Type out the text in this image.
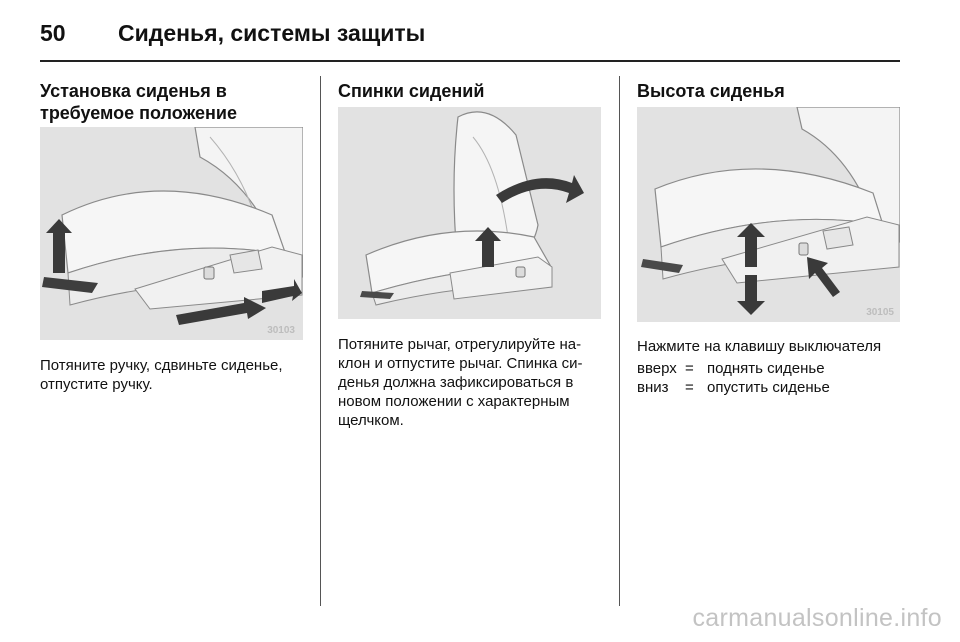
50 Сиденья, системы защиты
Установка сиденья в
требуемое положение
30103
Потяните ручку, сдвиньте сиденье,
отпустите ручку.
Спинки сидений
Потяните рычаг, отрегулируйте на-
клон и отпустите рычаг. Спинка си-
денья должна зафиксироваться в
новом положении с характерным
щелчком.
Высота сиденья
30105
Нажмите на клавишу выключателя
вверх = поднять сиденье
вниз	= опустить сиденье
carmanualsonline.info
